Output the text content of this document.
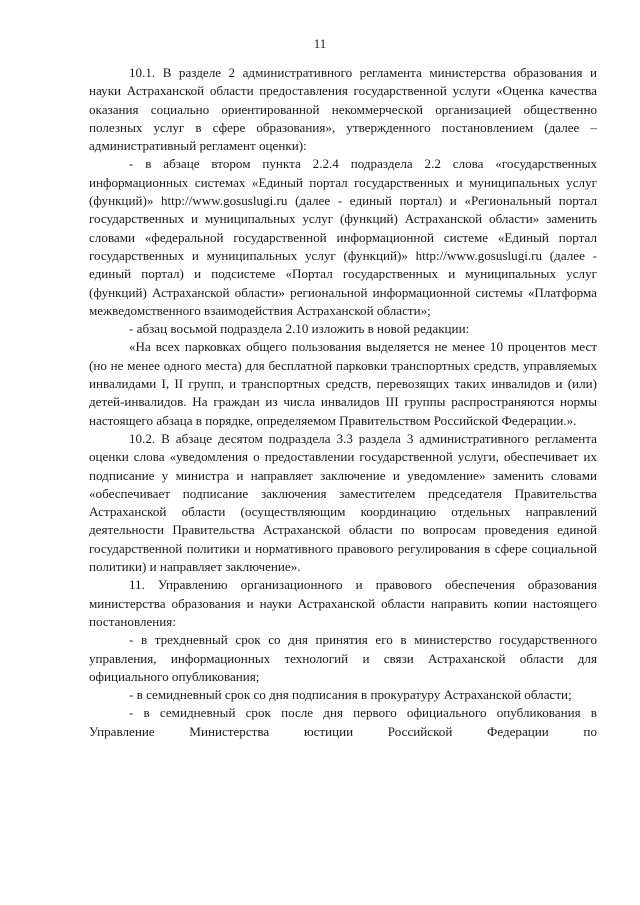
11

10.1. В разделе 2 административного регламента министерства образования и науки Астраханской области предоставления государственной услуги «Оценка качества оказания социально ориентированной некоммерческой организацией общественно полезных услуг в сфере образования», утвержденного постановлением (далее – административный регламент оценки):

- в абзаце втором пункта 2.2.4 подраздела 2.2 слова «государственных информационных системах «Единый портал государственных и муниципальных услуг (функций)» http://www.gosuslugi.ru (далее - единый портал) и «Региональный портал государственных и муниципальных услуг (функций) Астраханской области» заменить словами «федеральной государственной информационной системе «Единый портал государственных и муниципальных услуг (функций)» http://www.gosuslugi.ru (далее - единый портал) и подсистеме «Портал государственных и муниципальных услуг (функций) Астраханской области» региональной информационной системы «Платформа межведомственного взаимодействия Астраханской области»;

- абзац восьмой подраздела 2.10 изложить в новой редакции:

«На всех парковках общего пользования выделяется не менее 10 процентов мест (но не менее одного места) для бесплатной парковки транспортных средств, управляемых инвалидами I, II групп, и транспортных средств, перевозящих таких инвалидов и (или) детей-инвалидов. На граждан из числа инвалидов III группы распространяются нормы настоящего абзаца в порядке, определяемом Правительством Российской Федерации.».

10.2. В абзаце десятом подраздела 3.3 раздела 3 административного регламента оценки слова «уведомления о предоставлении государственной услуги, обеспечивает их подписание у министра и направляет заключение и уведомление» заменить словами «обеспечивает подписание заключения заместителем председателя Правительства Астраханской области (осуществляющим координацию отдельных направлений деятельности Правительства Астраханской области по вопросам проведения единой государственной политики и нормативного правового регулирования в сфере социальной политики) и направляет заключение».

11. Управлению организационного и правового обеспечения образования министерства образования и науки Астраханской области направить копии настоящего постановления:

- в трехдневный срок со дня принятия его в министерство государственного управления, информационных технологий и связи Астраханской области для официального опубликования;

- в семидневный срок со дня подписания в прокуратуру Астраханской области;

- в семидневный срок после дня первого официального опубликования в Управление Министерства юстиции Российской Федерации по
